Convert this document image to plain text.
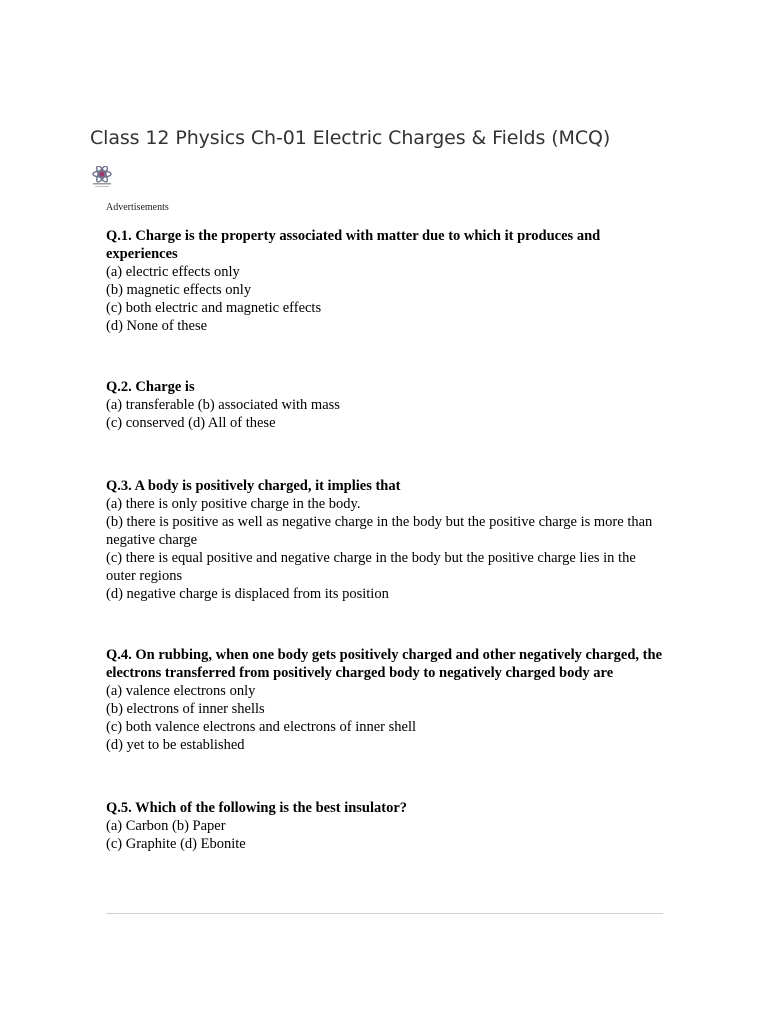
Class 12 Physics Ch-01 Electric Charges & Fields (MCQ)
Advertisements

Q.1. Charge is the property associated with matter due to which it produces and experiences

(a) electric effects only

(b) magnetic effects only

(c) both electric and magnetic effects

(d) None of these

Q.2. Charge is

(a) transferable (b) associated with mass

(c) conserved (d) All of these

Q.3. A body is positively charged, it implies that

(a) there is only positive charge in the body.

(b) there is positive as well as negative charge in the body but the positive charge is more than negative charge

(c) there is equal positive and negative charge in the body but the positive charge lies in the outer regions

(d) negative charge is displaced from its position

Q.4. On rubbing, when one body gets positively charged and other negatively charged, the electrons transferred from positively charged body to negatively charged body are

(a) valence electrons only

(b) electrons of inner shells

(c) both valence electrons and electrons of inner shell

(d) yet to be established

Q.5. Which of the following is the best insulator?

(a) Carbon (b) Paper

(c) Graphite (d) Ebonite
